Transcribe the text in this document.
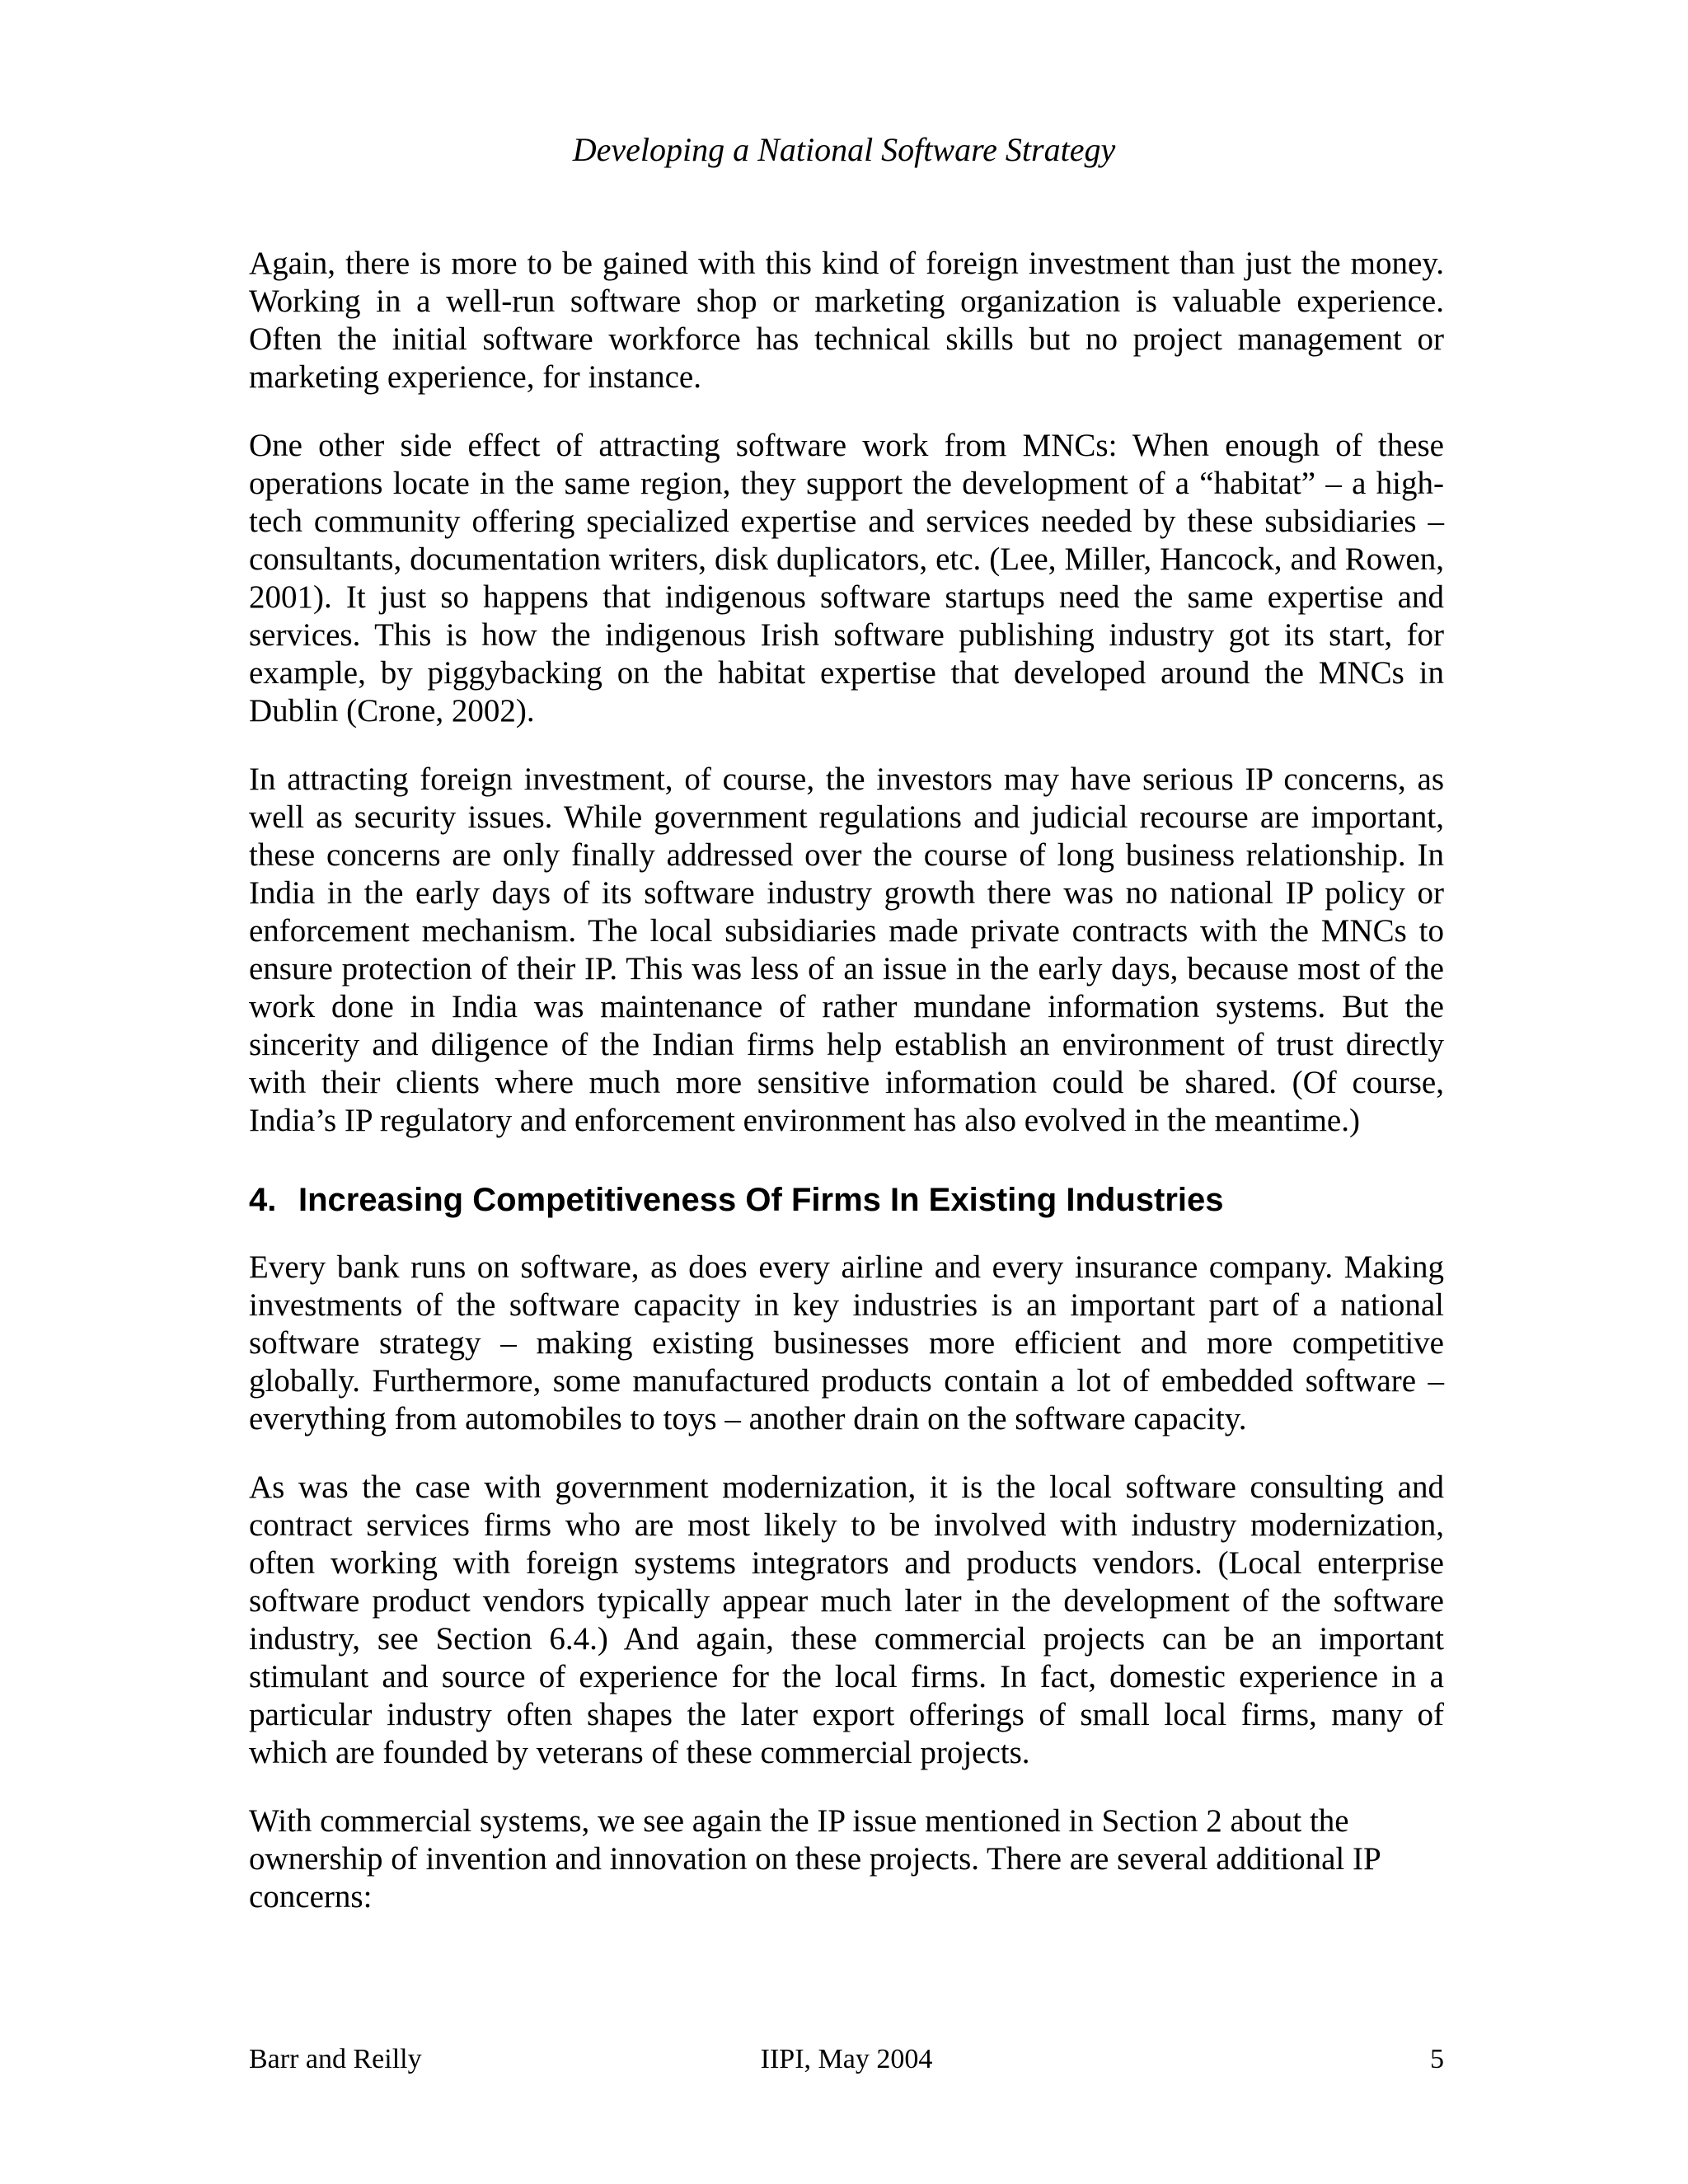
Developing a National Software Strategy

Again, there is more to be gained with this kind of foreign investment than just the money. Working in a well-run software shop or marketing organization is valuable experience. Often the initial software workforce has technical skills but no project management or marketing experience, for instance.

One other side effect of attracting software work from MNCs: When enough of these operations locate in the same region, they support the development of a “habitat” – a high-tech community offering specialized expertise and services needed by these subsidiaries – consultants, documentation writers, disk duplicators, etc. (Lee, Miller, Hancock, and Rowen, 2001). It just so happens that indigenous software startups need the same expertise and services. This is how the indigenous Irish software publishing industry got its start, for example, by piggybacking on the habitat expertise that developed around the MNCs in Dublin (Crone, 2002).

In attracting foreign investment, of course, the investors may have serious IP concerns, as well as security issues. While government regulations and judicial recourse are important, these concerns are only finally addressed over the course of long business relationship. In India in the early days of its software industry growth there was no national IP policy or enforcement mechanism. The local subsidiaries made private contracts with the MNCs to ensure protection of their IP. This was less of an issue in the early days, because most of the work done in India was maintenance of rather mundane information systems. But the sincerity and diligence of the Indian firms help establish an environment of trust directly with their clients where much more sensitive information could be shared. (Of course, India’s IP regulatory and enforcement environment has also evolved in the meantime.)

4. Increasing Competitiveness Of Firms In Existing Industries

Every bank runs on software, as does every airline and every insurance company. Making investments of the software capacity in key industries is an important part of a national software strategy – making existing businesses more efficient and more competitive globally. Furthermore, some manufactured products contain a lot of embedded software – everything from automobiles to toys – another drain on the software capacity.

As was the case with government modernization, it is the local software consulting and contract services firms who are most likely to be involved with industry modernization, often working with foreign systems integrators and products vendors. (Local enterprise software product vendors typically appear much later in the development of the software industry, see Section 6.4.) And again, these commercial projects can be an important stimulant and source of experience for the local firms. In fact, domestic experience in a particular industry often shapes the later export offerings of small local firms, many of which are founded by veterans of these commercial projects.

With commercial systems, we see again the IP issue mentioned in Section 2 about the ownership of invention and innovation on these projects. There are several additional IP concerns:

Barr and Reilly	IIPI, May 2004	5
